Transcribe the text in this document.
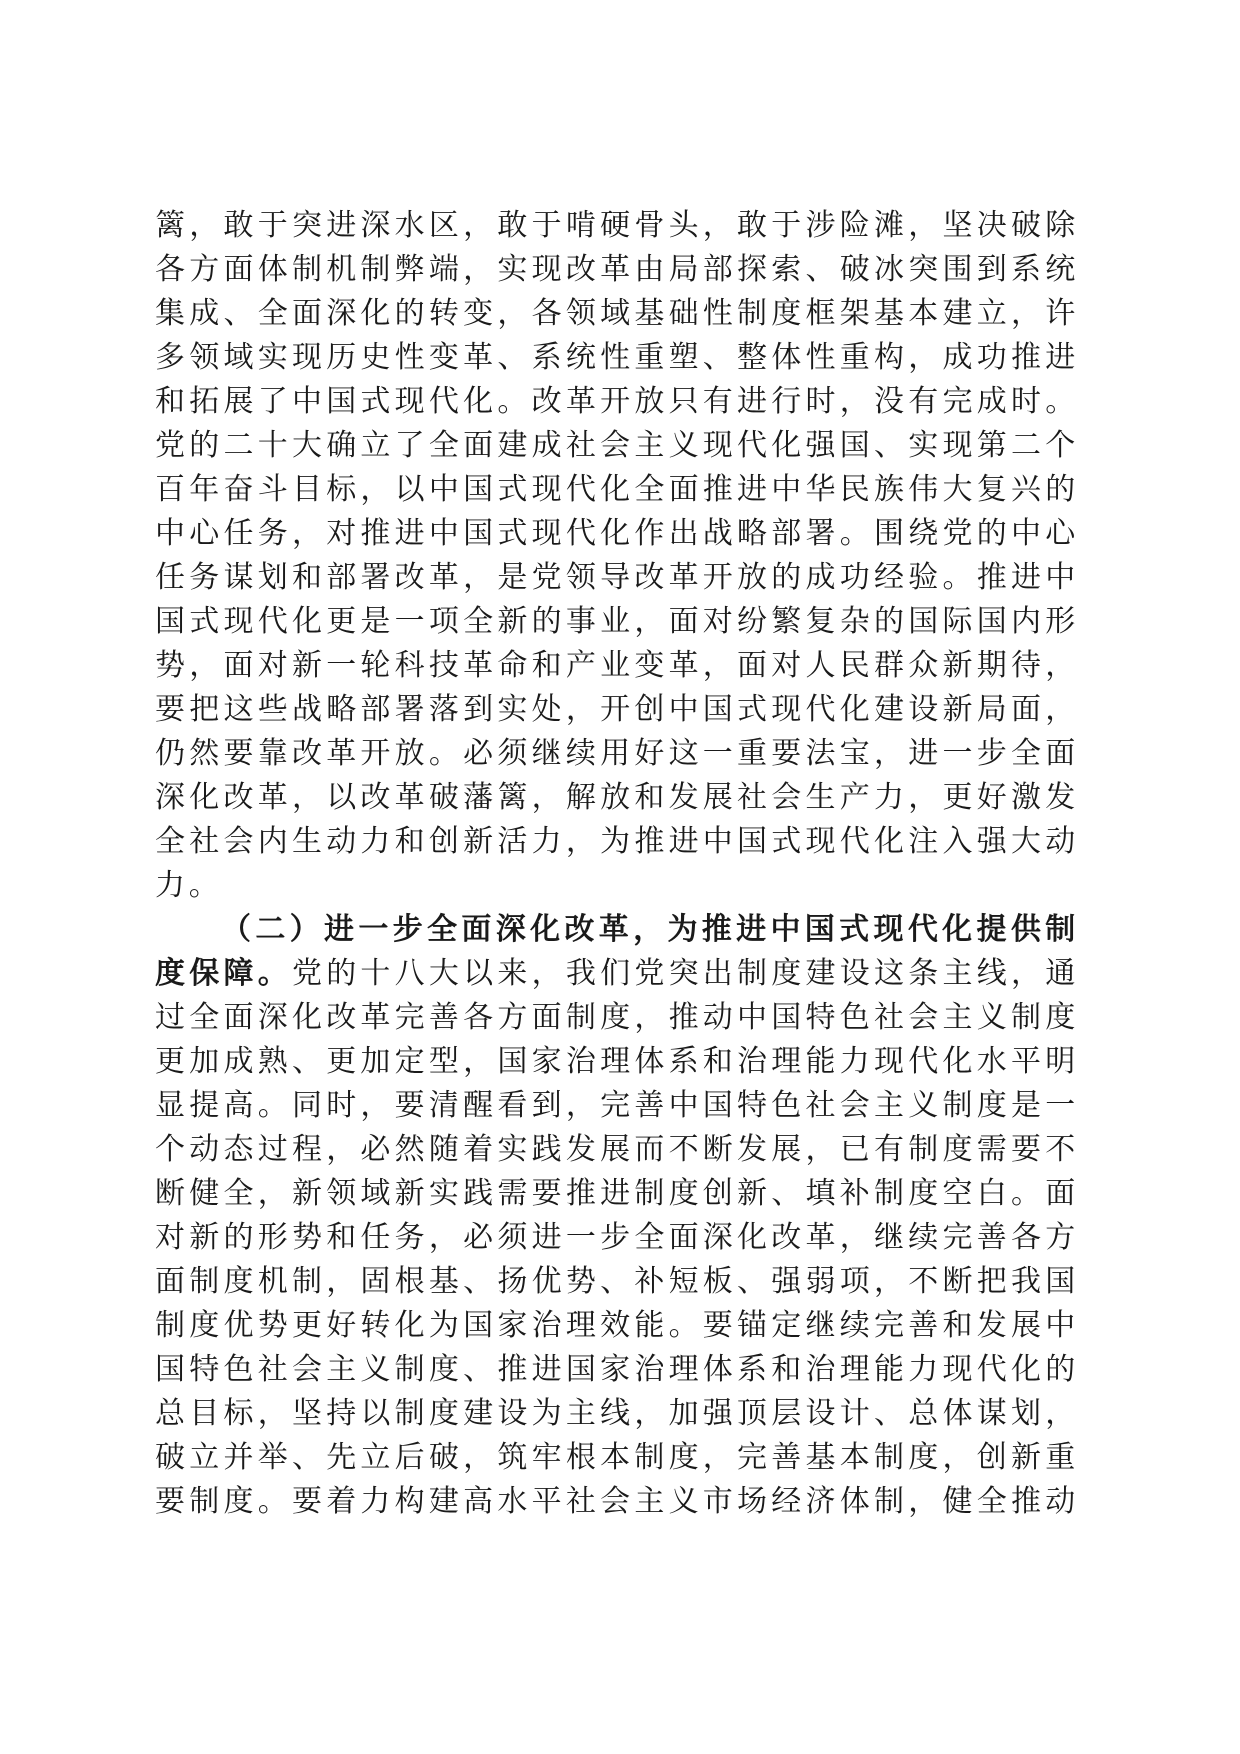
篱，敢于突进深水区，敢于啃硬骨头，敢于涉险滩，坚决破除
各方面体制机制弊端，实现改革由局部探索、破冰突围到系统
集成、全面深化的转变，各领域基础性制度框架基本建立，许
多领域实现历史性变革、系统性重塑、整体性重构，成功推进
和拓展了中国式现代化。改革开放只有进行时，没有完成时。
党的二十大确立了全面建成社会主义现代化强国、实现第二个
百年奋斗目标，以中国式现代化全面推进中华民族伟大复兴的
中心任务，对推进中国式现代化作出战略部署。围绕党的中心
任务谋划和部署改革，是党领导改革开放的成功经验。推进中
国式现代化更是一项全新的事业，面对纷繁复杂的国际国内形
势，面对新一轮科技革命和产业变革，面对人民群众新期待，
要把这些战略部署落到实处，开创中国式现代化建设新局面，
仍然要靠改革开放。必须继续用好这一重要法宝，进一步全面
深化改革，以改革破藩篱，解放和发展社会生产力，更好激发
全社会内生动力和创新活力，为推进中国式现代化注入强大动
力。
（二）进一步全面深化改革，为推进中国式现代化提供制
度保障。党的十八大以来，我们党突出制度建设这条主线，通
过全面深化改革完善各方面制度，推动中国特色社会主义制度
更加成熟、更加定型，国家治理体系和治理能力现代化水平明
显提高。同时，要清醒看到，完善中国特色社会主义制度是一
个动态过程，必然随着实践发展而不断发展，已有制度需要不
断健全，新领域新实践需要推进制度创新、填补制度空白。面
对新的形势和任务，必须进一步全面深化改革，继续完善各方
面制度机制，固根基、扬优势、补短板、强弱项，不断把我国
制度优势更好转化为国家治理效能。要锚定继续完善和发展中
国特色社会主义制度、推进国家治理体系和治理能力现代化的
总目标，坚持以制度建设为主线，加强顶层设计、总体谋划，
破立并举、先立后破，筑牢根本制度，完善基本制度，创新重
要制度。要着力构建高水平社会主义市场经济体制，健全推动
